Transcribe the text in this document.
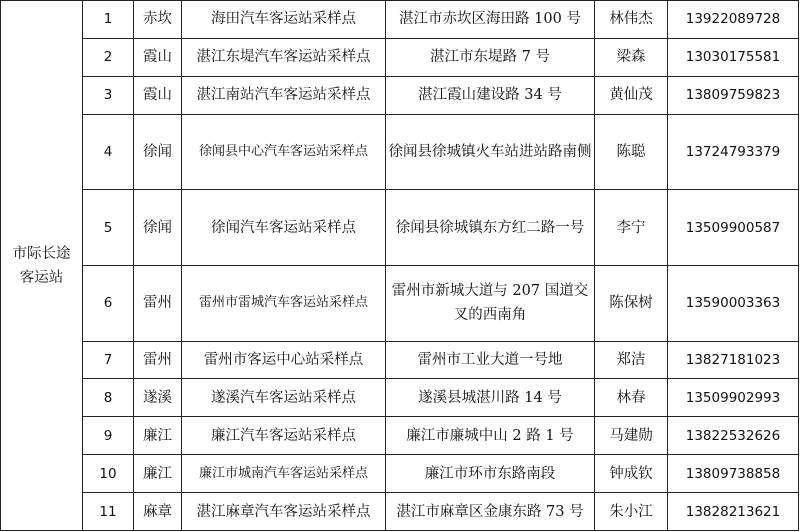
市际长途
客运站	1	赤坎	海田汽车客运站采样点	湛江市赤坎区海田路 100 号	林伟杰	13922089728
	2	霞山	湛江东堤汽车客运站采样点	湛江市东堤路 7 号	梁森	13030175581
	3	霞山	湛江南站汽车客运站采样点	湛江霞山建设路 34 号	黄仙茂	13809759823
	4	徐闻	徐闻县中心汽车客运站采样点	徐闻县徐城镇火车站进站路南侧	陈聪	13724793379
	5	徐闻	徐闻汽车客运站采样点	徐闻县徐城镇东方红二路一号	李宁	13509900587
	6	雷州	雷州市雷城汽车客运站采样点	雷州市新城大道与 207 国道交叉的西南角	陈保树	13590003363
	7	雷州	雷州市客运中心站采样点	雷州市工业大道一号地	郑洁	13827181023
	8	遂溪	遂溪汽车客运站采样点	遂溪县城湛川路 14 号	林春	13509902993
	9	廉江	廉江汽车客运站采样点	廉江市廉城中山 2 路 1 号	马建勋	13822532626
	10	廉江	廉江市城南汽车客运站采样点	廉江市环市东路南段	钟成钦	13809738858
	11	麻章	湛江麻章汽车客运站采样点	湛江市麻章区金康东路 73 号	朱小江	13828213621
